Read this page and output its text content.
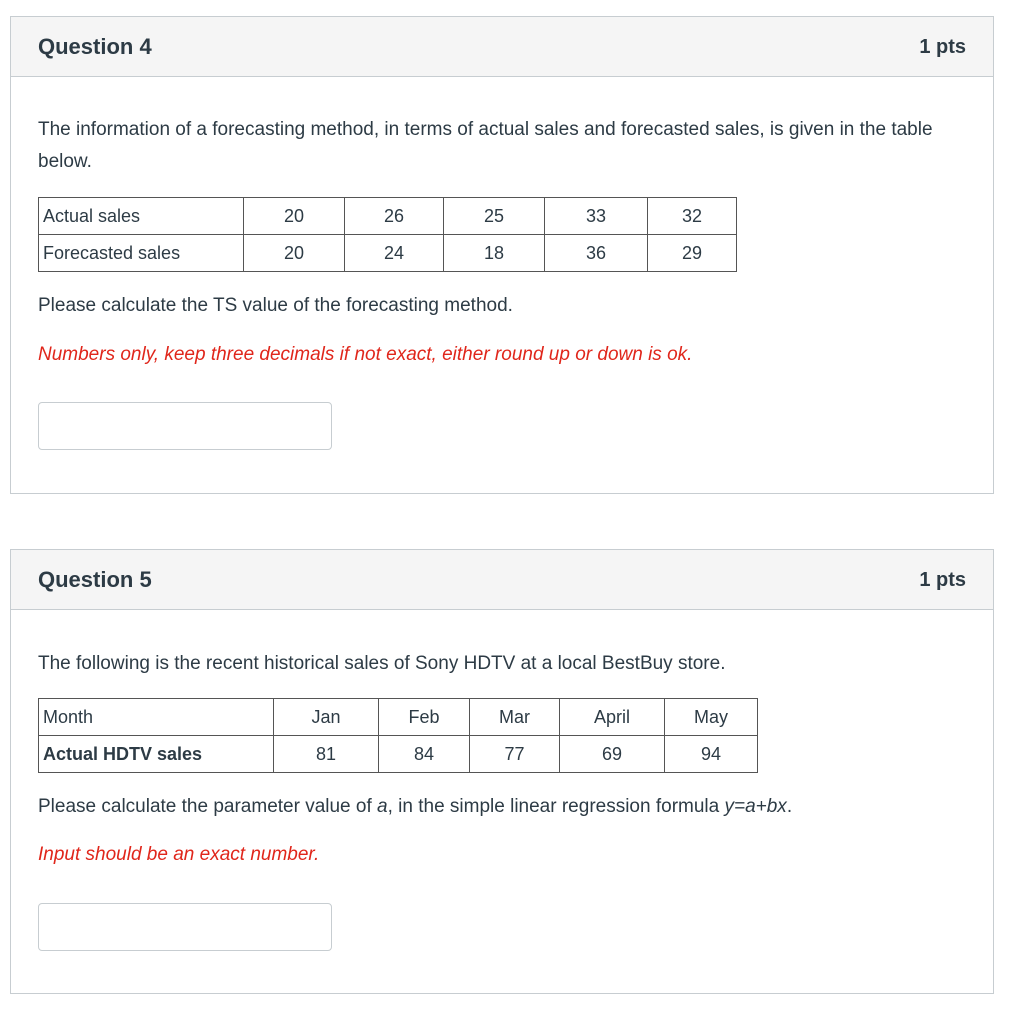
Question 4	1 pts
The information of a forecasting method, in terms of actual sales and forecasted sales, is given in the table below.
Actual sales	20	26	25	33	32
Forecasted sales	20	24	18	36	29
Please calculate the TS value of the forecasting method.
Numbers only, keep three decimals if not exact, either round up or down is ok.
Question 5	1 pts
The following is the recent historical sales of Sony HDTV at a local BestBuy store.
Month	Jan	Feb	Mar	April	May
Actual HDTV sales	81	84	77	69	94
Please calculate the parameter value of a, in the simple linear regression formula y=a+bx.
Input should be an exact number.
